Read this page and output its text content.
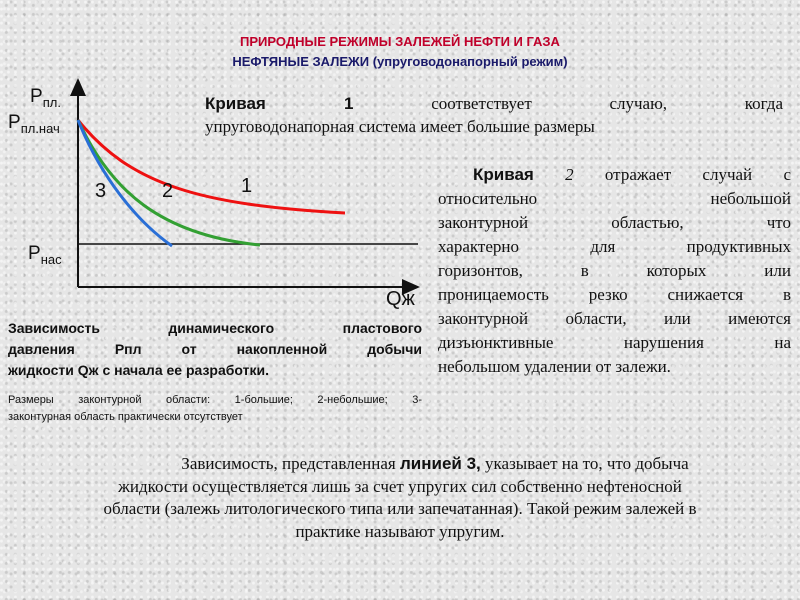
ПРИРОДНЫЕ РЕЖИМЫ ЗАЛЕЖЕЙ НЕФТИ И ГАЗА
НЕФТЯНЫЕ ЗАЛЕЖИ (упруговодонапорный режим)
$P_{пл.}$
$P_{пл.нач}$
$P_{нас}$
Qж
3	2	1
Кривая 1	соответствует случаю, когда
упруговодонапорная система имеет большие размеры
Кривая 2 отражает случай с
относительно небольшой
законтурной областью, что
характерно для продуктивных
горизонтов, в которых или
проницаемость резко снижается в
законтурной области, или имеются
дизъюнктивные нарушения на
небольшом удалении от залежи.
Зависимость динамического пластового
давления Рпл от накопленной добычи
жидкости Qж с начала ее разработки.
Размеры законтурной области: 1-большие; 2-небольшие; 3-
законтурная область практически отсутствует
Зависимость, представленная линией 3, указывает на то, что добыча
жидкости осуществляется лишь за счет упругих сил собственно нефтеносной
области (залежь литологического типа или запечатанная). Такой режим залежей в
практике называют упругим.
